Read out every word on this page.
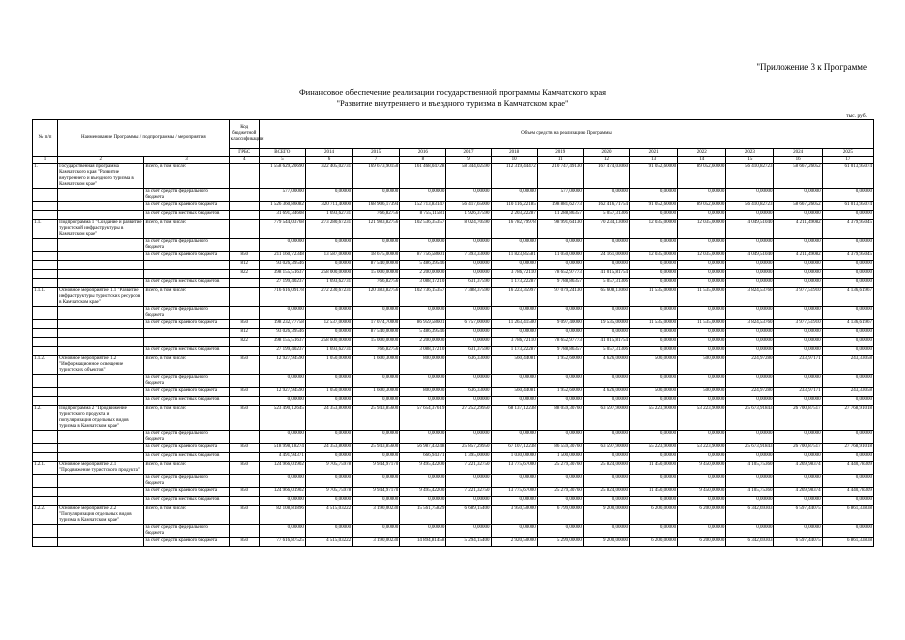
"Приложение 3 к Программе
Финансовое обеспечение реализации государственной программы Камчатского края
"Развитие внутреннего и въездного туризма в Камчатском крае"
тыс. руб.
№ п/п	Наименование Программы / подпрограммы / мероприятия		Код бюджетной классификации	Объем средств на реализацию Программы												
			ГРБС	ВСЕГО	2014	2015	2016	2017	2018	2019	2020	2021	2022	2023	2024	2025
1	2	3	4	5	6	7	8	9	10	11	12	13	14	15	16	17
1.	Государственная программа Камчатского края "Развитие внутреннего и въездного туризма в Камчатском крае"	Всего, в том числе:		1 558 629,20690	322 405,02731	169 673,90150	161 468,04728	58 344,02590	112 319,44472	210 747,49130	167 474,03060	91 052,60000	89 052,60000	56 410,82723	58 667,26052	61 013,95074
		за счет средств федерального бюджета		577,00000	0,00000	0,00000	0,00000	0,00000	0,00000	577,00000	0,00000	0,00000	0,00000	0,00000	0,00000	0,00000
		за счет средств краевого бюджета		1 526 360,86082	320 711,40000	168 906,17394	152 713,83147	56 417,65000	110 116,22185	198 881,62773	162 416,71754	91 052,60000	89 052,60000	56 410,82723	58 667,26052	61 013,95074
		за счет средств местных бюджетов		31 691,34608	1 693,62731	766,82756	8 755,11581	1 926,37590	2 203,22287	11 288,86357	5 057,31306	0,00000	0,00000	0,00000	0,00000	0,00000
1.1.	Подпрограмма 1 "Создание и развитие туристской инфраструктуры в Камчатском крае"	Всего, в том числе:		779 544,03768	273 280,67231	121 983,82756	102 536,35357	8 024,70590	16 782,79978	98 991,64130	70 234,13060	12 035,00000	12 035,00000	4 049,51040	4 211,49082	4 379,95045
		за счет средств федерального бюджета		0,00000	0,00000	0,00000	0,00000	0,00000	0,00000	0,00000	0,00000	0,00000	0,00000	0,00000	0,00000	0,00000
		за счет средств краевого бюджета	850	211 160,72348	13 587,00000	18 675,00000	87 756,58601	7 393,33000	11 823,85581	11 050,00000	24 161,00000	12 035,00000	12 035,00000	4 049,51040	4 211,49082	4 379,95045
			812	93 026,39546	0,00000	87 540,00000	5 486,39546	0,00000	0,00000	0,00000	0,00000	0,00000	0,00000	0,00000	0,00000	0,00000
			822	398 155,51637	258 000,00000	15 000,00000	2 200,00000	0,00000	3 786,72110	78 652,97773	41 015,81754	0,00000	0,00000	0,00000	0,00000	0,00000
		за счет средств местных бюджетов		27 199,40237	1 693,62731	766,82756	3 088,17210	631,37590	1 173,22287	9 788,86357	5 057,31306	0,00000	0,00000	0,00000	0,00000	0,00000
1.1.1.	Основное мероприятие 1.1 "Развитие инфраструктуры туристских ресурсов в Камчатском крае"	Всего, в том числе:		716 616,09178	272 230,67231	120 383,82756	102 736,15357	7 388,37590	16 223,35997	97 079,24130	65 608,13060	11 535,00000	11 535,00000	3 824,53760	3 977,51910	4 136,61967
		за счет средств федерального бюджета		0,00000	0,00000	0,00000	0,00000	0,00000	0,00000	0,00000	0,00000	0,00000	0,00000	0,00000	0,00000	0,00000
		за счет средств краевого бюджета	850	198 232,77758	12 537,00000	17 074,70000	86 959,58601	6 757,00000	11 263,41500	9 097,40000	19 535,00000	11 535,00000	11 535,00000	3 824,53760	3 977,51910	4 136,61967
			812	93 026,39546	0,00000	87 540,00000	5 486,39546	0,00000	0,00000	0,00000	0,00000	0,00000	0,00000	0,00000	0,00000	0,00000
			822	398 155,51637	258 000,00000	15 000,00000	2 200,00000	0,00000	3 786,72110	78 652,97773	41 015,81754	0,00000	0,00000	0,00000	0,00000	0,00000
		за счет средств местных бюджетов		27 199,40237	1 693,62731	766,82756	3 088,17210	631,37590	1 173,22287	9 788,86357	5 057,31306	0,00000	0,00000	0,00000	0,00000	0,00000
1.1.2.	Основное мероприятие 1.2 "Информационное освещение туристских объектов"	Всего, в том числе:	850	12 927,94590	1 050,00000	1 600,30000	800,00000	636,33000	560,44081	1 952,60000	4 626,00000	500,00000	500,00000	224,97280	233,97171	243,33058
		за счет средств федерального бюджета		0,00000	0,00000	0,00000	0,00000	0,00000	0,00000	0,00000	0,00000	0,00000	0,00000	0,00000	0,00000	0,00000
		за счет средств краевого бюджета	850	12 927,94590	1 050,00000	1 600,30000	800,00000	636,33000	560,44081	1 952,60000	4 626,00000	500,00000	500,00000	224,97280	233,97171	243,33058
		за счет средств местных бюджетов		0,00000	0,00000	0,00000	0,00000	0,00000	0,00000	0,00000	0,00000	0,00000	0,00000	0,00000	0,00000	0,00000
1.2.	Подпрограмма 2 "Продвижение туристского продукта и популяризация отдельных видов туризма в Камчатском крае"	Всего, в том числе:	850	523 490,12645	24 353,80000	25 943,85600	57 654,37619	27 252,29950	68 137,12238	88 059,30760	63 597,90000	55 223,90000	53 223,90000	25 673,91843	26 700,87517	27 768,91018
		за счет средств федерального бюджета		0,00000	0,00000	0,00000	0,00000	0,00000	0,00000	0,00000	0,00000	0,00000	0,00000	0,00000	0,00000	0,00000
		за счет средств краевого бюджета	850	518 998,18274	24 353,80000	25 943,85600	56 987,43248	25 857,29950	67 107,12238	86 559,30760	63 597,90000	55 223,90000	53 223,90000	25 673,91843	26 700,87517	27 768,91018
		за счет средств местных бюджетов		4 491,94371	0,00000	0,00000	666,94371	1 395,00000	1 030,00000	1 500,00000	0,00000	0,00000	0,00000	0,00000	0,00000	0,00000
1.2.1.	Основное мероприятие 2.1 "Продвижение туристского продукта"	Всего, в том числе:	850	124 966,01902	9 705,75978	9 944,97170	9 495,42200	7 221,32750	13 775,67000	25 279,30760	25 824,00000	11 450,00000	9 450,00000	4 105,75360	4 269,98374	4 440,78309
		за счет средств федерального бюджета		0,00000	0,00000	0,00000	0,00000	0,00000	0,00000	0,00000	0,00000	0,00000	0,00000	0,00000	0,00000	0,00000
		за счет средств краевого бюджета	850	124 966,01902	9 705,75978	9 944,97170	9 495,42200	7 221,32750	13 775,67000	25 279,30760	25 824,00000	11 450,00000	9 450,00000	4 105,75360	4 269,98374	4 440,78309
		за счет средств местных бюджетов		0,00000	0,00000	0,00000	0,00000	0,00000	0,00000	0,00000	0,00000	0,00000	0,00000	0,00000	0,00000	0,00000
1.2.2.	Основное мероприятие 2.2 "Популяризация отдельных видов туризма в Камчатском крае"	Всего, в том числе:	850	82 108,81896	4 515,03222	3 190,00230	15 561,75829	6 689,15400	3 950,50000	6 799,00000	9 200,00000	6 200,00000	6 200,00000	6 342,69303	6 597,44075	6 861,33838
		за счет средств федерального бюджета		0,00000	0,00000	0,00000	0,00000	0,00000	0,00000	0,00000	0,00000	0,00000	0,00000	0,00000	0,00000	0,00000
		за счет средств краевого бюджета	850	77 616,87525	4 515,03222	3 190,00230	14 894,81458	5 294,15400	2 920,50000	5 299,00000	9 200,00000	6 200,00000	6 200,00000	6 342,69303	6 597,44075	6 861,33838
